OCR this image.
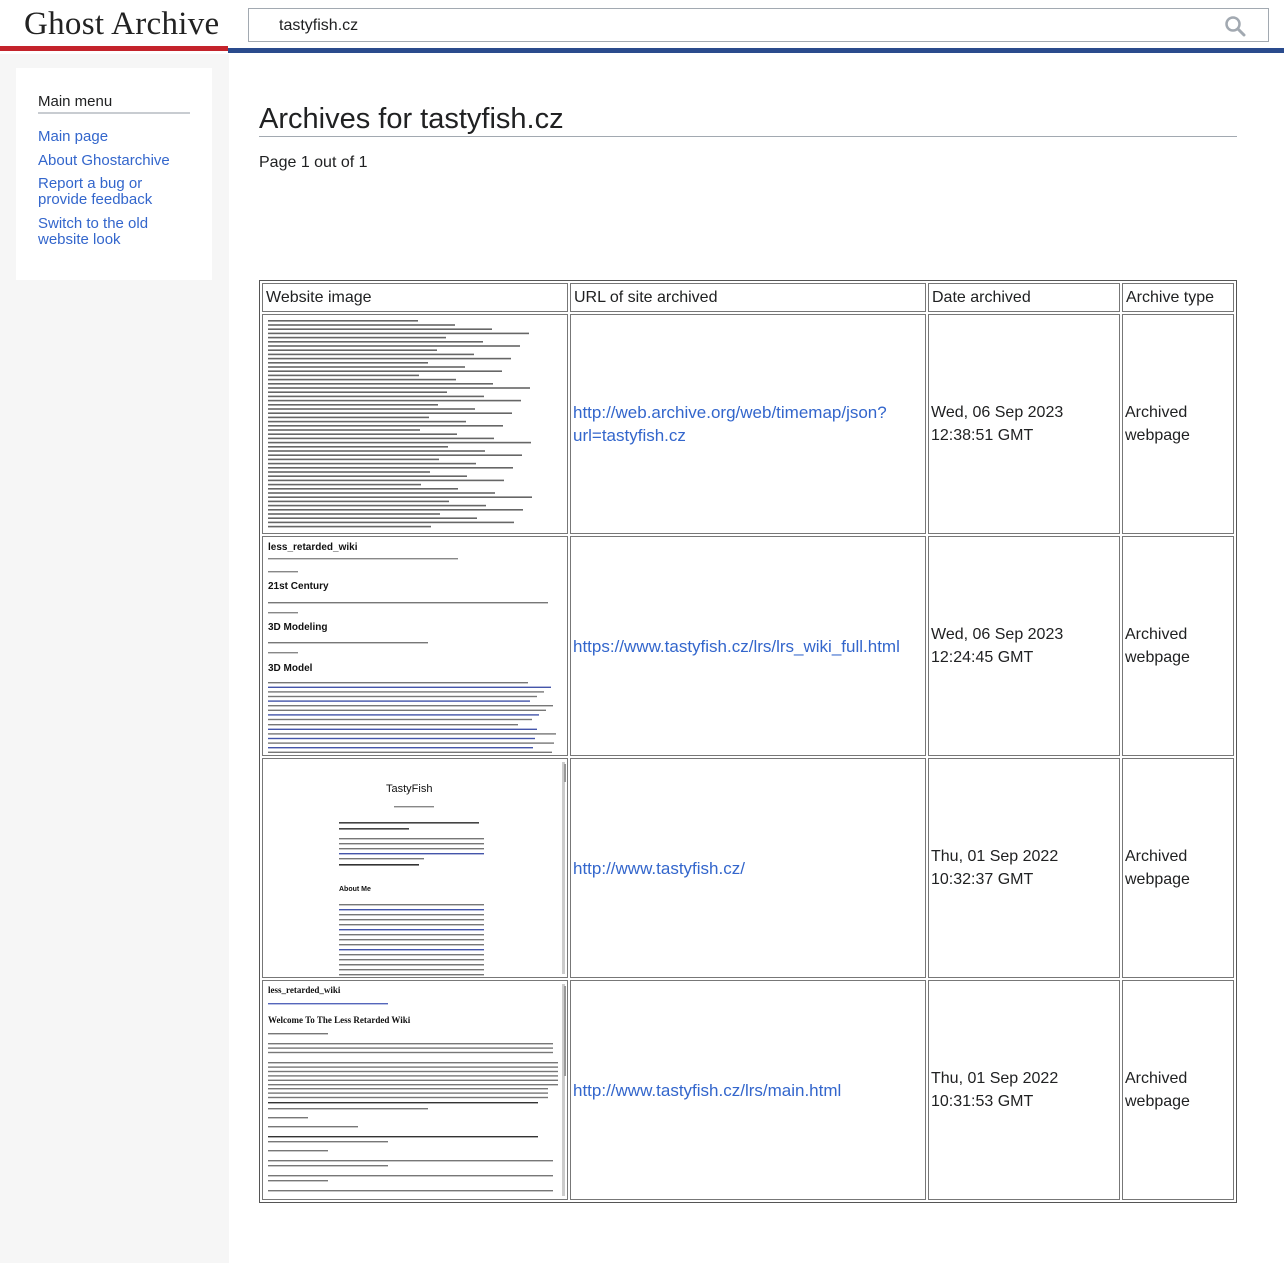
Ghost Archive	tastyfish.cz
Main menu
Main page
About Ghostarchive
Report a bug or provide feedback
Switch to the old website look
Archives for tastyfish.cz
Page 1 out of 1
Website image	URL of site archived	Date archived	Archive type

	http://web.archive.org/web/timemap/json?url=tastyfish.cz	Wed, 06 Sep 2023 12:38:51 GMT	Archived webpage

less_retarded_wiki
21st Century
3D Modeling
3D Model	https://www.tastyfish.cz/lrs/lrs_wiki_full.html	Wed, 06 Sep 2023 12:24:45 GMT	Archived webpage

TastyFish
About Me	http://www.tastyfish.cz/	Thu, 01 Sep 2022 10:32:37 GMT	Archived webpage

less_retarded_wiki
Welcome To The Less Retarded Wiki	http://www.tastyfish.cz/lrs/main.html	Thu, 01 Sep 2022 10:31:53 GMT	Archived webpage
